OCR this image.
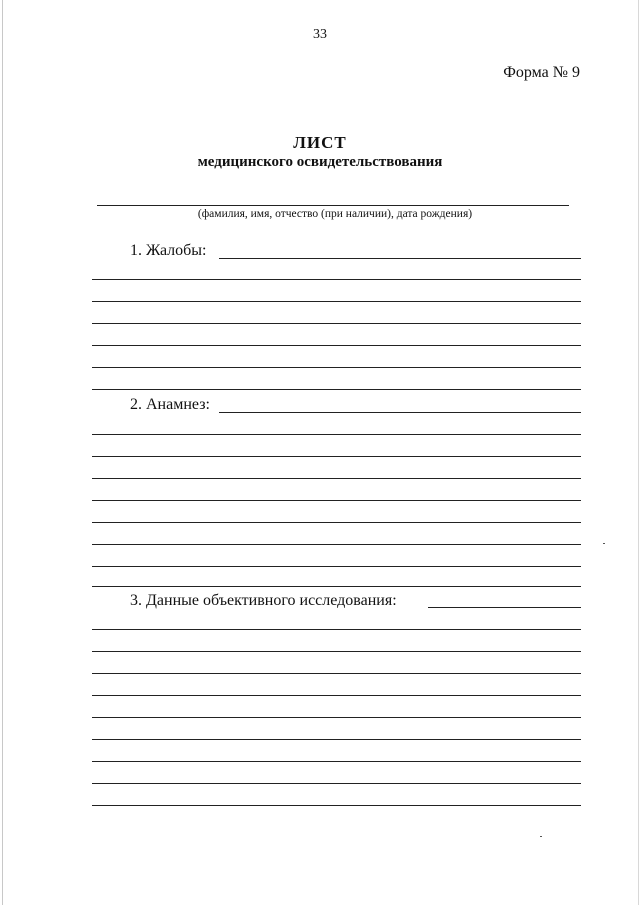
33
Форма № 9
ЛИСТ
медицинского освидетельствования
(фамилия, имя, отчество (при наличии), дата рождения)
1. Жалобы:
2. Анамнез:
3. Данные объективного исследования:
